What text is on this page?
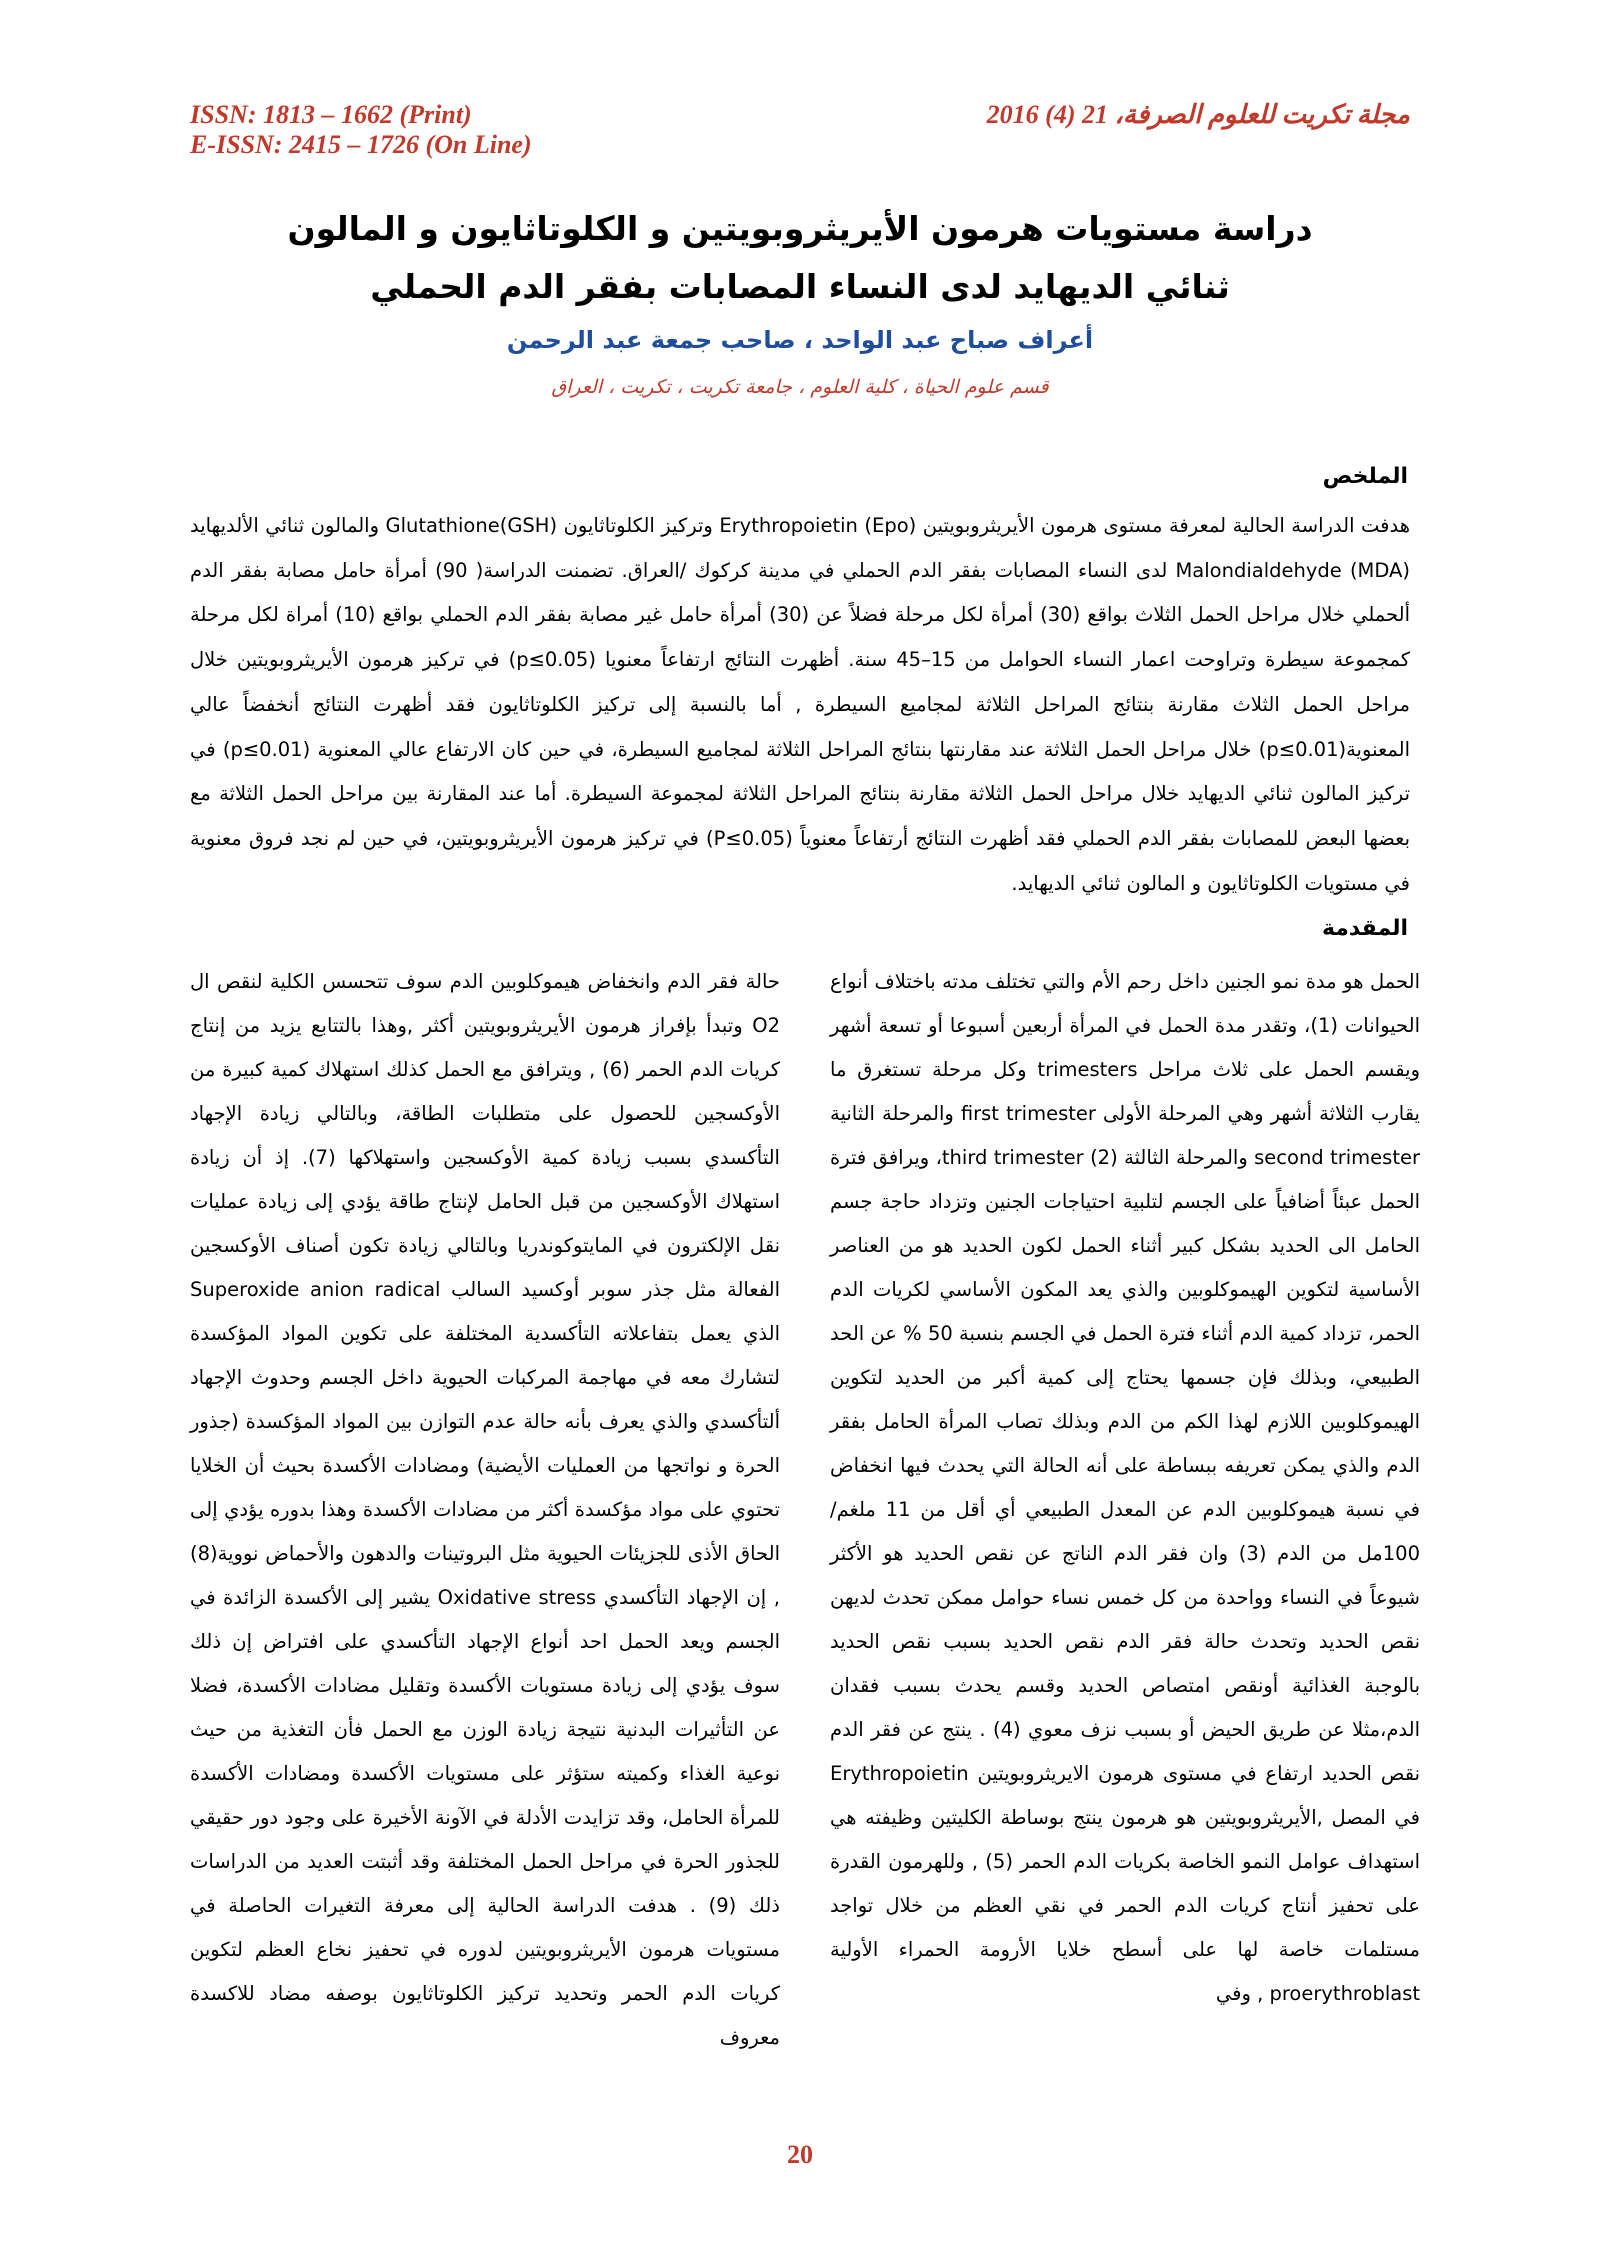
ISSN: 1813 – 1662 (Print)
E-ISSN: 2415 – 1726 (On Line)
مجلة تكريت للعلوم الصرفة، 21 (4) 2016
دراسة مستويات هرمون الأيريثروبويتين و الكلوتاثايون و المالون ثنائي الديهايد لدى النساء المصابات بفقر الدم الحملي
أعراف صباح عبد الواحد ، صاحب جمعة عبد الرحمن
قسم علوم الحياة ، كلية العلوم ، جامعة تكريت ، تكريت ، العراق
الملخص
هدفت الدراسة الحالية لمعرفة مستوى هرمون الأيريثروبويتين Erythropoietin (Epo) وتركيز الكلوتاثايون Glutathione(GSH) والمالون ثنائي الألديهايد Malondialdehyde (MDA) لدى النساء المصابات بفقر الدم الحملي في مدينة كركوك /العراق. تضمنت الدراسة( 90) أمرأة حامل مصابة بفقر الدم ألحملي خلال مراحل الحمل الثلاث بواقع (30) أمرأة لكل مرحلة فضلاً عن (30) أمرأة حامل غير مصابة بفقر الدم الحملي بواقع (10) أمراة لكل مرحلة كمجموعة سيطرة وتراوحت اعمار النساء الحوامل من 15–45 سنة. أظهرت النتائج ارتفاعاً معنويا (p≤0.05) في تركيز هرمون الأيريثروبويتين خلال مراحل الحمل الثلاث مقارنة بنتائج المراحل الثلاثة لمجاميع السيطرة , أما بالنسبة إلى تركيز الكلوتاثايون فقد أظهرت النتائج أنخفضاً عالي المعنوية(p≤0.01) خلال مراحل الحمل الثلاثة عند مقارنتها بنتائج المراحل الثلاثة لمجاميع السيطرة، في حين كان الارتفاع عالي المعنوية (p≤0.01) في تركيز المالون ثنائي الديهايد خلال مراحل الحمل الثلاثة مقارنة بنتائج المراحل الثلاثة لمجموعة السيطرة. أما عند المقارنة بين مراحل الحمل الثلاثة مع بعضها البعض للمصابات بفقر الدم الحملي فقد أظهرت النتائج أرتفاعاً معنوياً (P≤0.05) في تركيز هرمون الأيريثروبويتين، في حين لم نجد فروق معنوية في مستويات الكلوتاثايون و المالون ثنائي الديهايد.
المقدمة
الحمل هو مدة نمو الجنين داخل رحم الأم والتي تختلف مدته باختلاف أنواع الحيوانات (1)، وتقدر مدة الحمل في المرأة أربعين أسبوعا أو تسعة أشهر ويقسم الحمل على ثلاث مراحل trimesters وكل مرحلة تستغرق ما يقارب الثلاثة أشهر وهي المرحلة الأولى first trimester والمرحلة الثانية second trimester والمرحلة الثالثة third trimester (2)، ويرافق فترة الحمل عبئاً أضافياً على الجسم لتلبية احتياجات الجنين وتزداد حاجة جسم الحامل الى الحديد بشكل كبير أثناء الحمل لكون الحديد هو من العناصر الأساسية لتكوين الهيموكلوبين والذي يعد المكون الأساسي لكريات الدم الحمر، تزداد كمية الدم أثناء فترة الحمل في الجسم بنسبة 50 % عن الحد الطبيعي، وبذلك فإن جسمها يحتاج إلى كمية أكبر من الحديد لتكوين الهيموكلوبين اللازم لهذا الكم من الدم وبذلك تصاب المرأة الحامل بفقر الدم والذي يمكن تعريفه ببساطة على أنه الحالة التي يحدث فيها انخفاض في نسبة هيموكلوبين الدم عن المعدل الطبيعي أي أقل من 11 ملغم/ 100مل من الدم (3) وان فقر الدم الناتج عن نقص الحديد هو الأكثر شيوعاً في النساء وواحدة من كل خمس نساء حوامل ممكن تحدث لديهن نقص الحديد وتحدث حالة فقر الدم نقص الحديد بسبب نقص الحديد بالوجبة الغذائية أونقص امتصاص الحديد وقسم يحدث بسبب فقدان الدم،مثلا عن طريق الحيض أو بسبب نزف معوي (4) . ينتج عن فقر الدم نقص الحديد ارتفاع في مستوى هرمون الايريثروبويتين Erythropoietin في المصل ,الأيريثروبويتين هو هرمون ينتج بوساطة الكليتين وظيفته هي استهداف عوامل النمو الخاصة بكريات الدم الحمر (5) , وللهرمون القدرة على تحفيز أنتاج كريات الدم الحمر في نقي العظم من خلال تواجد مستلمات خاصة لها على أسطح خلايا الأرومة الحمراء الأولية proerythroblast , وفي
حالة فقر الدم وانخفاض هيموكلوبين الدم سوف تتحسس الكلية لنقص ال O2 وتبدأ بإفراز هرمون الأيريثروبويتين أكثر ,وهذا بالتتابع يزيد من إنتاج كريات الدم الحمر (6) , ويترافق مع الحمل كذلك استهلاك كمية كبيرة من الأوكسجين للحصول على متطلبات الطاقة، وبالتالي زيادة الإجهاد التأكسدي بسبب زيادة كمية الأوكسجين واستهلاكها (7). إذ أن زيادة استهلاك الأوكسجين من قبل الحامل لإنتاج طاقة يؤدي إلى زيادة عمليات نقل الإلكترون في المايتوكوندريا وبالتالي زيادة تكون أصناف الأوكسجين الفعالة مثل جذر سوبر أوكسيد السالب Superoxide anion radical الذي يعمل بتفاعلاته التأكسدية المختلفة على تكوين المواد المؤكسدة لتشارك معه في مهاجمة المركبات الحيوية داخل الجسم وحدوث الإجهاد ألتأكسدي والذي يعرف بأنه حالة عدم التوازن بين المواد المؤكسدة (جذور الحرة و نواتجها من العمليات الأيضية) ومضادات الأكسدة بحيث أن الخلايا تحتوي على مواد مؤكسدة أكثر من مضادات الأكسدة وهذا بدوره يؤدي إلى الحاق الأذى للجزيئات الحيوية مثل البروتينات والدهون والأحماض نووية(8) , إن الإجهاد التأكسدي Oxidative stress يشير إلى الأكسدة الزائدة في الجسم ويعد الحمل احد أنواع الإجهاد التأكسدي على افتراض إن ذلك سوف يؤدي إلى زيادة مستويات الأكسدة وتقليل مضادات الأكسدة، فضلا عن التأثيرات البدنية نتيجة زيادة الوزن مع الحمل فأن التغذية من حيث نوعية الغذاء وكميته ستؤثر على مستويات الأكسدة ومضادات الأكسدة للمرأة الحامل، وقد تزايدت الأدلة في الآونة الأخيرة على وجود دور حقيقي للجذور الحرة في مراحل الحمل المختلفة وقد أثبتت العديد من الدراسات ذلك (9) . هدفت الدراسة الحالية إلى معرفة التغيرات الحاصلة في مستويات هرمون الأيريثروبويتين لدوره في تحفيز نخاع العظم لتكوين كريات الدم الحمر وتحديد تركيز الكلوتاثايون بوصفه مضاد للاكسدة معروف
20
